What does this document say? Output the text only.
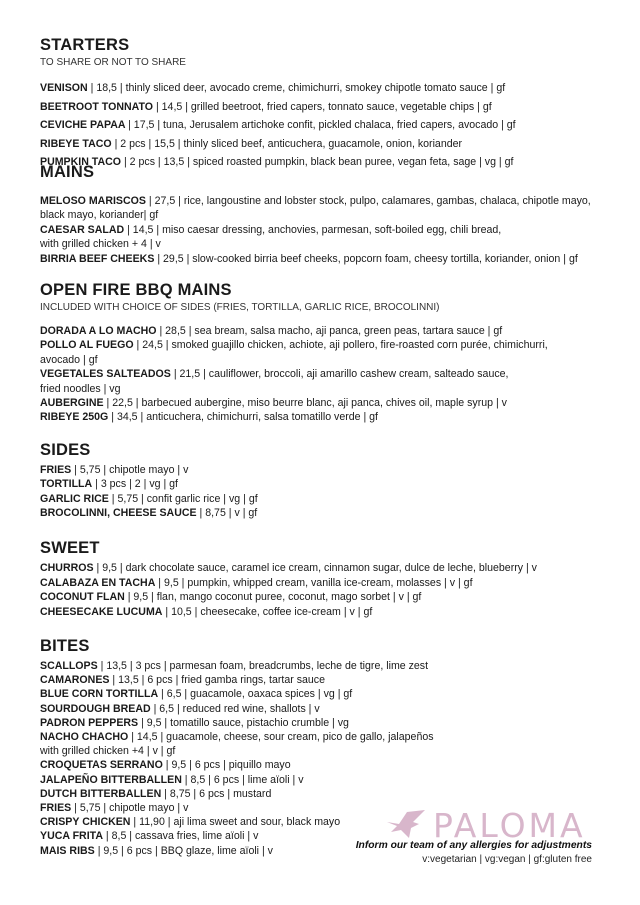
STARTERS
TO SHARE OR NOT TO SHARE
VENISON | 18,5 | thinly sliced deer, avocado creme, chimichurri, smokey chipotle tomato sauce | gf
BEETROOT TONNATO | 14,5 | grilled beetroot, fried capers, tonnato sauce, vegetable chips | gf
CEVICHE PAPAA | 17,5 | tuna, Jerusalem artichoke confit, pickled chalaca, fried capers, avocado | gf
RIBEYE TACO | 2 pcs | 15,5 | thinly sliced beef, anticuchera, guacamole, onion, koriander
PUMPKIN TACO | 2 pcs | 13,5 | spiced roasted pumpkin, black bean puree, vegan feta, sage | vg | gf
MAINS
MELOSO MARISCOS | 27,5 | rice, langoustine and lobster stock, pulpo, calamares, gambas, chalaca, chipotle mayo,
black mayo, koriander| gf
CAESAR SALAD | 14,5 | miso caesar dressing, anchovies, parmesan, soft-boiled egg, chili bread,
with grilled chicken + 4 | v
BIRRIA BEEF CHEEKS | 29,5 | slow-cooked birria beef cheeks, popcorn foam, cheesy tortilla, koriander, onion | gf
OPEN FIRE BBQ MAINS
INCLUDED WITH CHOICE OF SIDES (FRIES, TORTILLA, GARLIC RICE, BROCOLINNI)
DORADA A LO MACHO | 28,5 | sea bream, salsa macho, aji panca, green peas, tartara sauce | gf
POLLO AL FUEGO | 24,5 | smoked guajillo chicken, achiote, aji pollero, fire-roasted corn purée, chimichurri,
avocado | gf
VEGETALES SALTEADOS | 21,5 | cauliflower, broccoli, aji amarillo cashew cream, salteado sauce,
fried noodles | vg
AUBERGINE | 22,5 | barbecued aubergine, miso beurre blanc, aji panca, chives oil, maple syrup | v
RIBEYE 250G | 34,5 | anticuchera, chimichurri, salsa tomatillo verde | gf
SIDES
FRIES | 5,75 | chipotle mayo | v
TORTILLA | 3 pcs | 2 | vg | gf
GARLIC RICE | 5,75 | confit garlic rice | vg | gf
BROCOLINNI, CHEESE SAUCE | 8,75 | v | gf
SWEET
CHURROS | 9,5 | dark chocolate sauce, caramel ice cream, cinnamon sugar, dulce de leche, blueberry | v
CALABAZA EN TACHA | 9,5 | pumpkin, whipped cream, vanilla ice-cream, molasses | v | gf
COCONUT FLAN | 9,5 | flan, mango coconut puree, coconut, mago sorbet | v | gf
CHEESECAKE LUCUMA | 10,5 | cheesecake, coffee ice-cream | v | gf
BITES
SCALLOPS | 13,5 | 3 pcs | parmesan foam, breadcrumbs, leche de tigre, lime zest
CAMARONES | 13,5 | 6 pcs | fried gamba rings, tartar sauce
BLUE CORN TORTILLA | 6,5 | guacamole, oaxaca spices | vg | gf
SOURDOUGH BREAD | 6,5 | reduced red wine, shallots | v
PADRON PEPPERS | 9,5 | tomatillo sauce, pistachio crumble | vg
NACHO CHACHO | 14,5 | guacamole, cheese, sour cream, pico de gallo, jalapeños
with grilled chicken +4 | v | gf
CROQUETAS SERRANO | 9,5 | 6 pcs | piquillo mayo
JALAPEÑO BITTERBALLEN | 8,5 | 6 pcs | lime aïoli | v
DUTCH BITTERBALLEN | 8,75 | 6 pcs | mustard
FRIES | 5,75 | chipotle mayo | v
CRISPY CHICKEN | 11,90 | aji lima sweet and sour, black mayo
YUCA FRITA | 8,5 | cassava fries, lime aïoli | v
MAIS RIBS | 9,5 | 6 pcs | BBQ glaze, lime aïoli | v
PALOMA
Inform our team of any allergies for adjustments
v:vegetarian | vg:vegan | gf:gluten free
